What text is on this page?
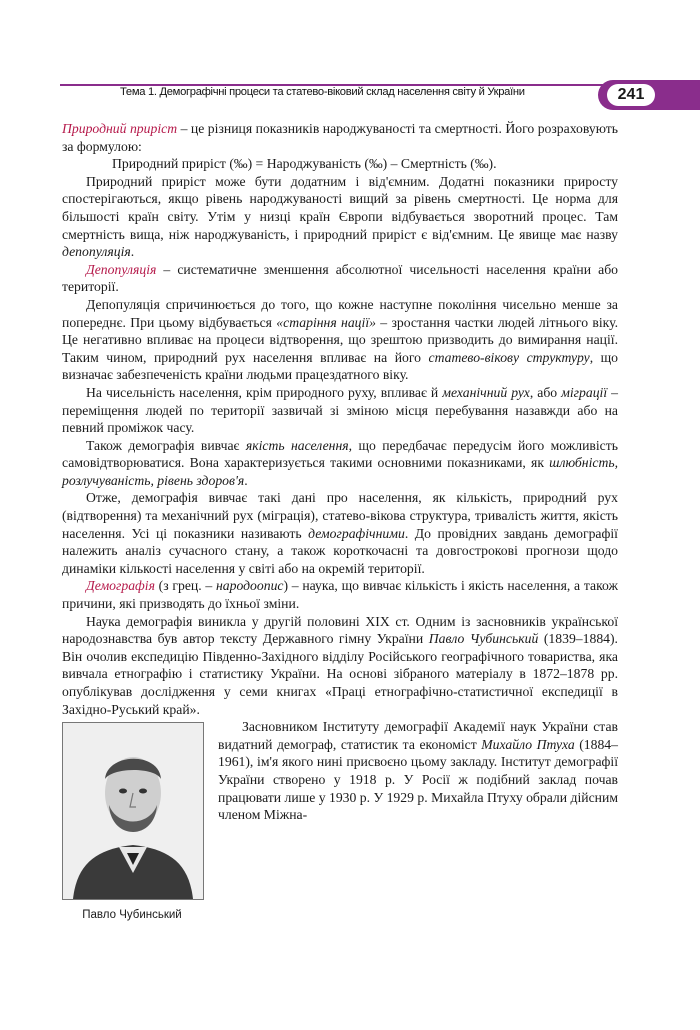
Тема 1. Демографічні процеси та статево-віковий склад населення світу й України	241

Природний приріст – це різниця показників народжуваності та смертності. Його розраховують за формулою:

Природний приріст (‰) = Народжуваність (‰) – Смертність (‰).

Природний приріст може бути додатним і від'ємним. Додатні показники приросту спостерігаються, якщо рівень народжуваності вищий за рівень смертності. Це норма для більшості країн світу. Утім у низці країн Європи відбувається зворотний процес. Там смертність вища, ніж народжуваність, і природний приріст є від'ємним. Це явище має назву депопуляція.

Депопуляція – систематичне зменшення абсолютної чисельності населення країни або території.

Депопуляція спричинюється до того, що кожне наступне покоління чисельно менше за попереднє. При цьому відбувається «старіння нації» – зростання частки людей літнього віку. Це негативно впливає на процеси відтворення, що зрештою призводить до вимирання нації. Таким чином, природний рух населення впливає на його статево-вікову структуру, що визначає забезпеченість країни людьми працездатного віку.

На чисельність населення, крім природного руху, впливає й механічний рух, або міграції – переміщення людей по території зазвичай зі зміною місця перебування назавжди або на певний проміжок часу.

Також демографія вивчає якість населення, що передбачає передусім його можливість самовідтворюватися. Вона характеризується такими основними показниками, як шлюбність, розлучуваність, рівень здоров'я.

Отже, демографія вивчає такі дані про населення, як кількість, природний рух (відтворення) та механічний рух (міграція), статево-вікова структура, тривалість життя, якість населення. Усі ці показники називають демографічними. До провідних завдань демографії належить аналіз сучасного стану, а також короткочасні та довгострокові прогнози щодо динаміки кількості населення у світі або на окремій території.

Демографія (з грец. – народоопис) – наука, що вивчає кількість і якість населення, а також причини, які призводять до їхньої зміни.

Наука демографія виникла у другій половині XIX ст. Одним із засновників української народознавства був автор тексту Державного гімну України Павло Чубинський (1839–1884). Він очолив експедицію Південно-Західного відділу Російського географічного товариства, яка вивчала етнографію і статистику України. На основі зібраного матеріалу в 1872–1878 рр. опублікував дослідження у семи книгах «Праці етнографічно-статистичної експедиції в Західно-Руський край».

Павло Чубинський

Засновником Інституту демографії Академії наук України став видатний демограф, статистик та економіст Михайло Птуха (1884–1961), ім'я якого нині присвоєно цьому закладу. Інститут демографії України створено у 1918 р. У Росії ж подібний заклад почав працювати лише у 1930 р. У 1929 р. Михайла Птуху обрали дійсним членом Міжна-
